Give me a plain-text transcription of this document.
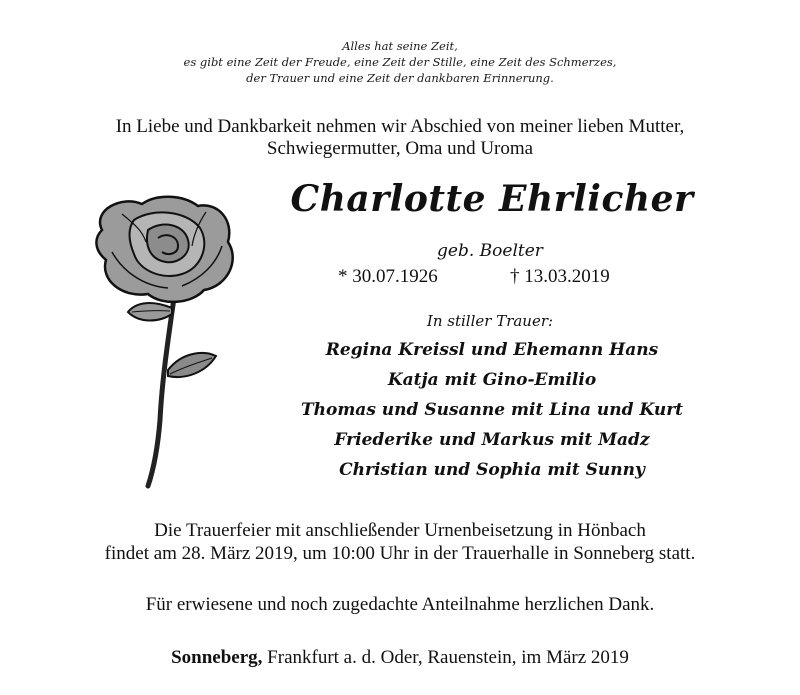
Alles hat seine Zeit,
es gibt eine Zeit der Freude, eine Zeit der Stille, eine Zeit des Schmerzes,
der Trauer und eine Zeit der dankbaren Erinnerung.
In Liebe und Dankbarkeit nehmen wir Abschied von meiner lieben Mutter,
Schwiegermutter, Oma und Uroma
Charlotte Ehrlicher
geb. Boelter
* 30.07.1926	† 13.03.2019
In stiller Trauer:
Regina Kreissl und Ehemann Hans
Katja mit Gino-Emilio
Thomas und Susanne mit Lina und Kurt
Friederike und Markus mit Madz
Christian und Sophia mit Sunny
Die Trauerfeier mit anschließender Urnenbeisetzung in Hönbach
findet am 28. März 2019, um 10:00 Uhr in der Trauerhalle in Sonneberg statt.
Für erwiesene und noch zugedachte Anteilnahme herzlichen Dank.
Sonneberg, Frankfurt a. d. Oder, Rauenstein, im März 2019
